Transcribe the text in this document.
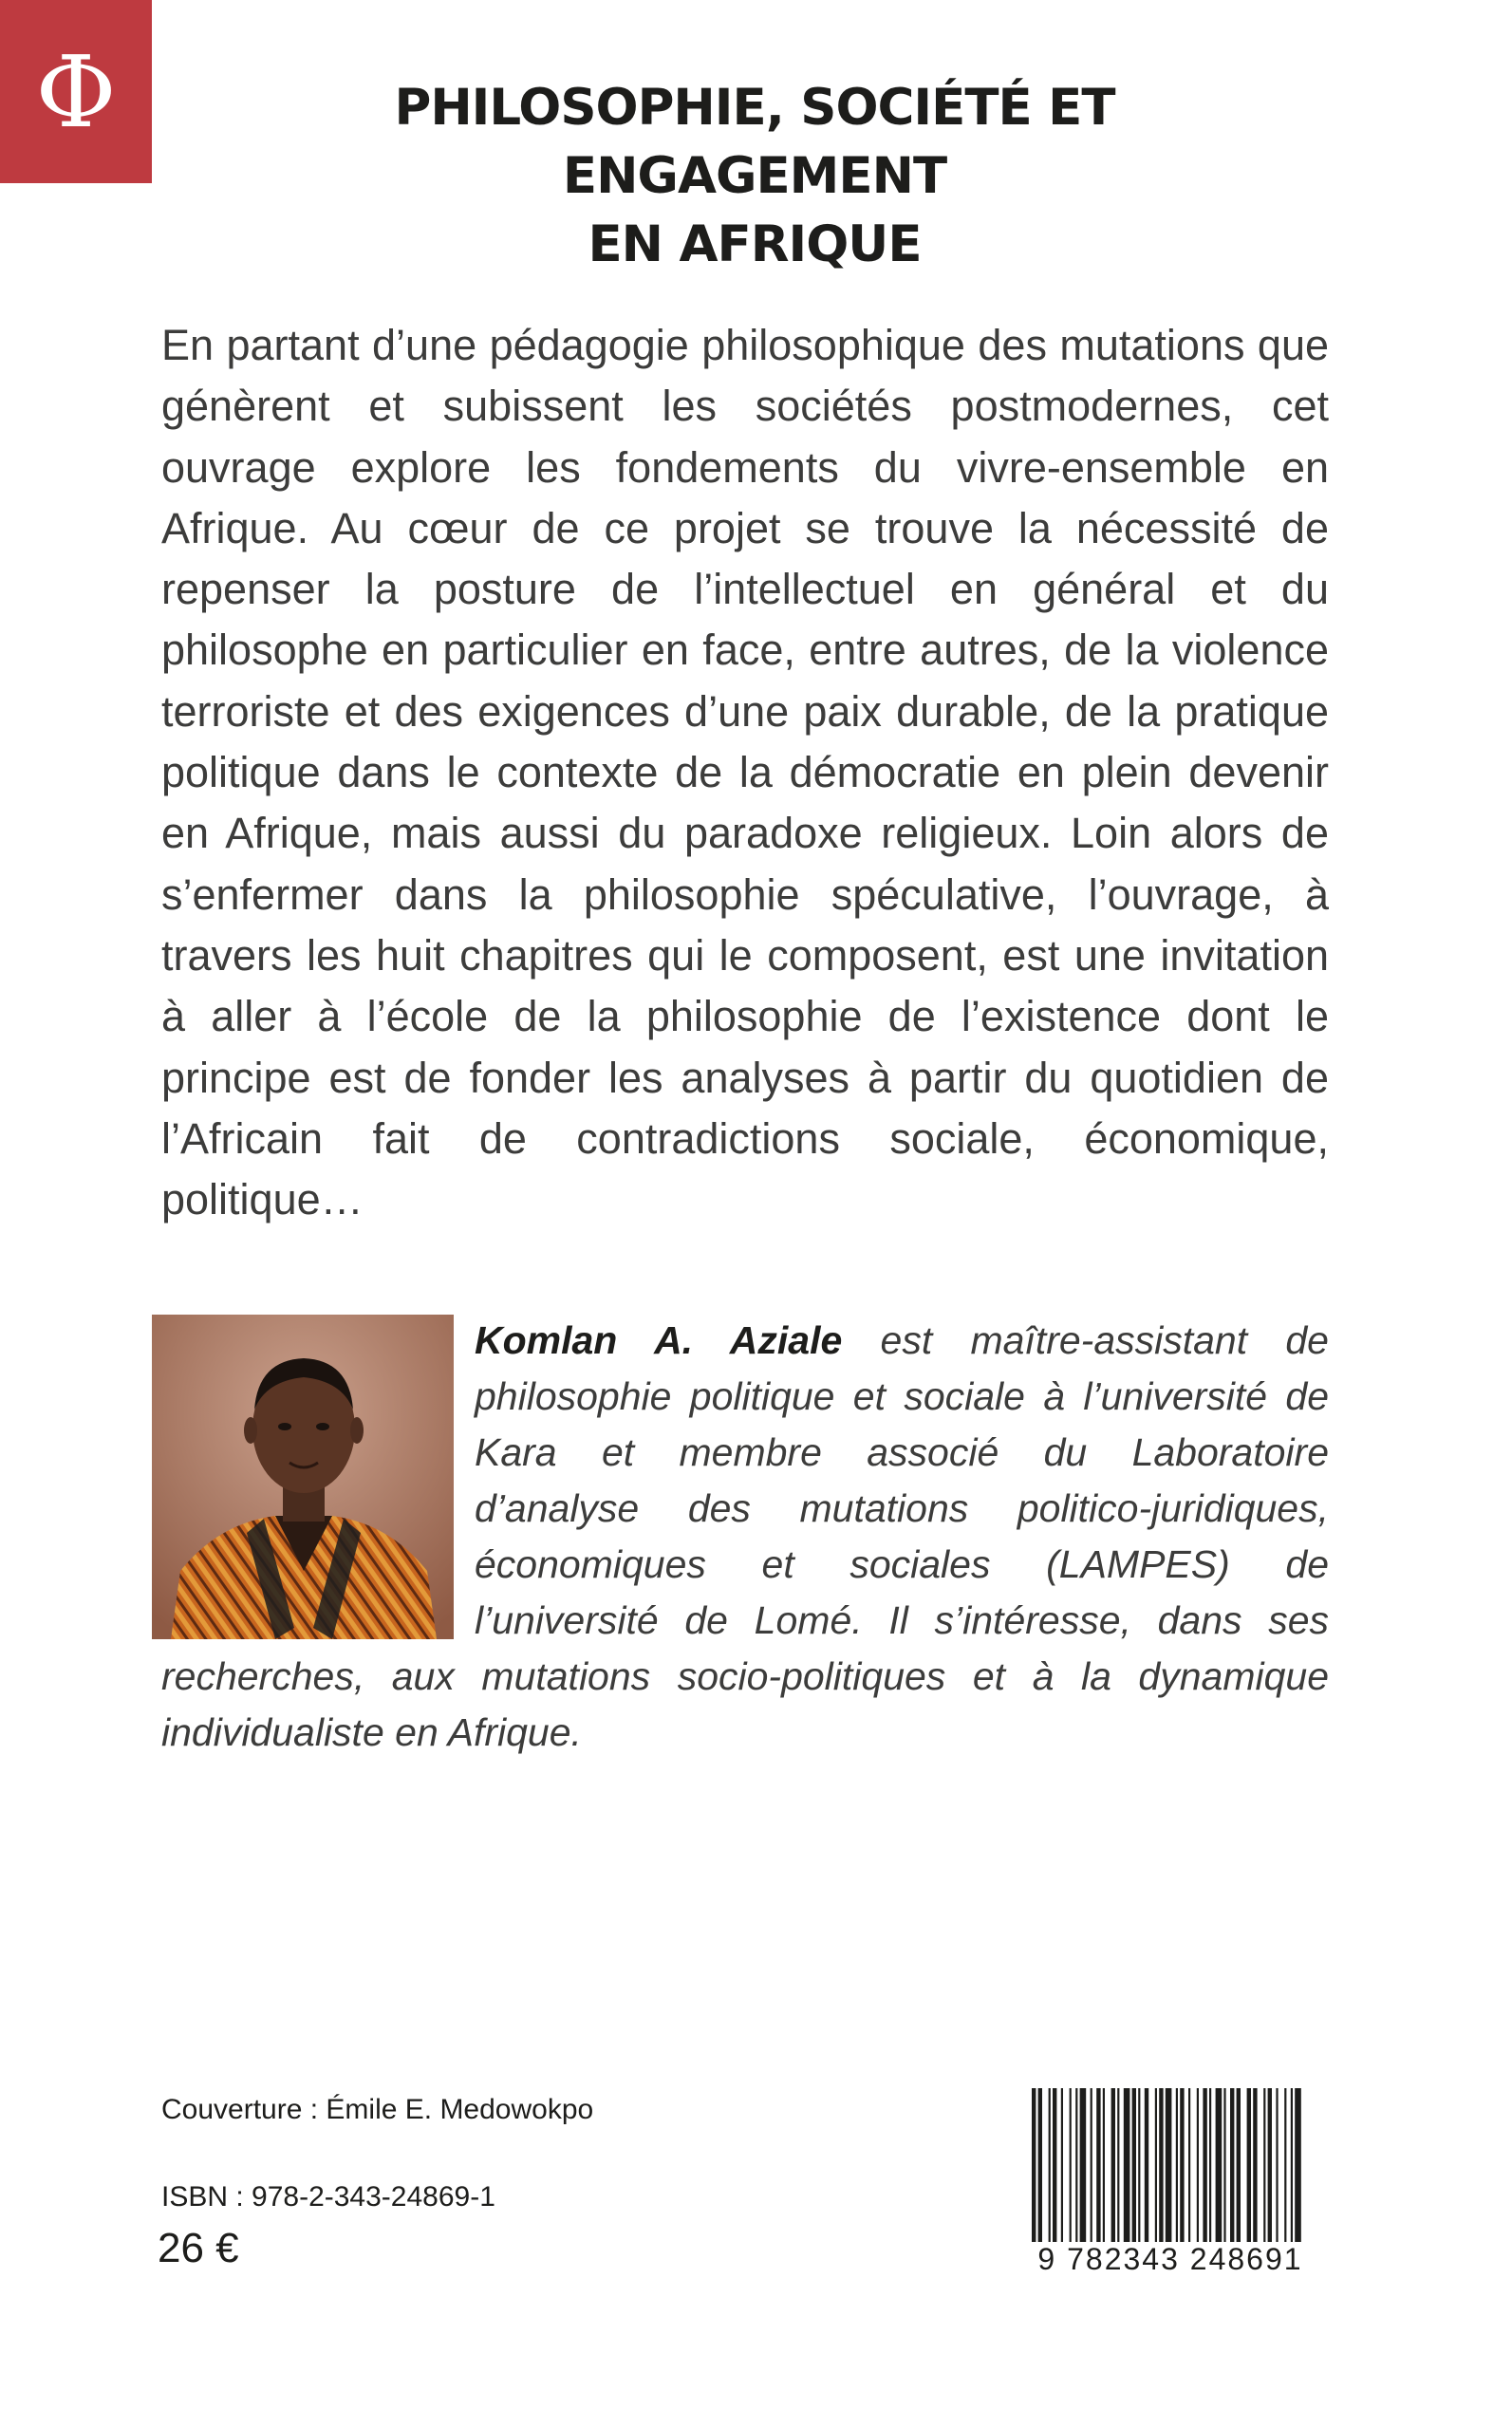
Φ	PHILOSOPHIE, SOCIÉTÉ ET ENGAGEMENT
EN AFRIQUE

En partant d’une pédagogie philosophique des mutations que génèrent et subissent les sociétés postmodernes, cet ouvrage explore les fondements du vivre-ensemble en Afrique. Au cœur de ce projet se trouve la nécessité de repenser la posture de l’intellectuel en général et du philosophe en particulier en face, entre autres, de la violence terroriste et des exigences d’une paix durable, de la pratique politique dans le contexte de la démocratie en plein devenir en Afrique, mais aussi du paradoxe religieux. Loin alors de s’enfermer dans la philosophie spéculative, l’ouvrage, à travers les huit chapitres qui le composent, est une invitation à aller à l’école de la philosophie de l’existence dont le principe est de fonder les analyses à partir du quotidien de l’Africain fait de contradictions sociale, économique, politique…

Komlan A. Aziale est maître-assistant de philosophie politique et sociale à l’université de Kara et membre associé du Laboratoire d’analyse des mutations politico-juridiques, économiques et sociales (LAMPES) de l’université de Lomé. Il s’intéresse, dans ses recherches, aux mutations socio-politiques et à la dynamique individualiste en Afrique.
Couverture : Émile E. Medowokpo
ISBN : 978-2-343-24869-1
26 €	9 782343 248691
